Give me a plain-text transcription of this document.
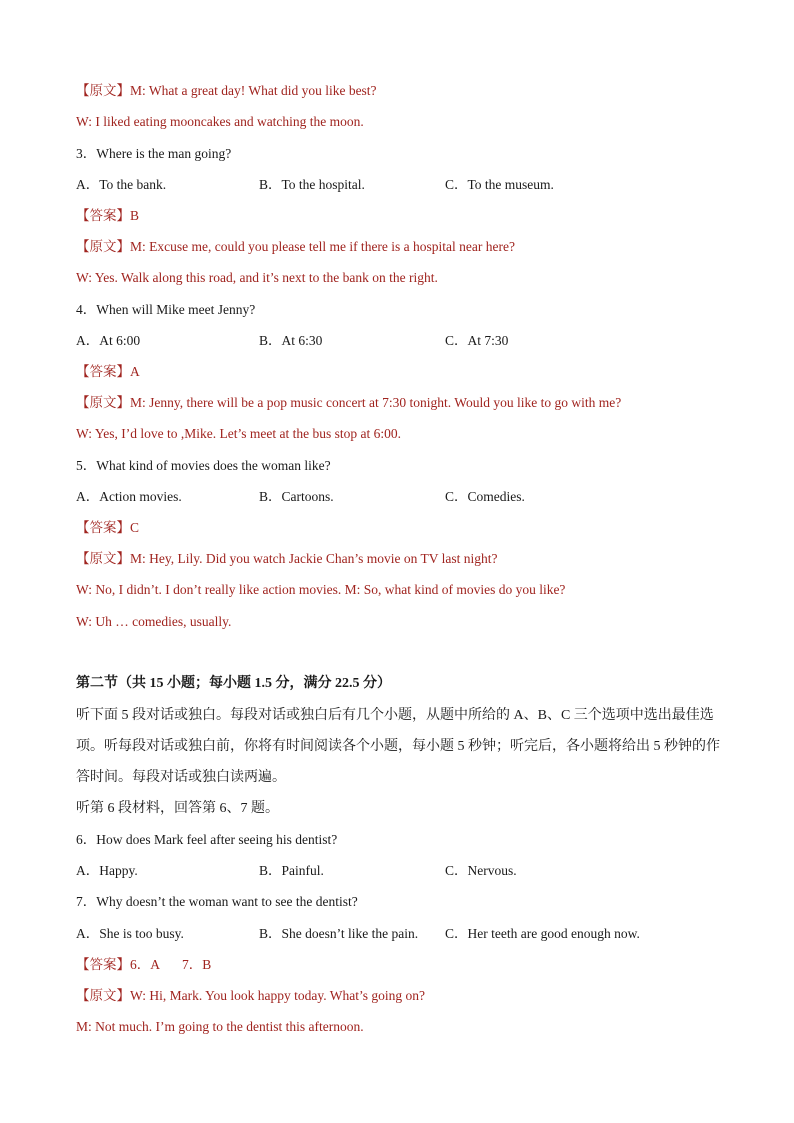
【原文】M: What a great day! What did you like best?
W: I liked eating mooncakes and watching the moon.
3．Where is the man going?
A．To the bank.	B．To the hospital.	C．To the museum.
【答案】B
【原文】M: Excuse me, could you please tell me if there is a hospital near here?
W: Yes. Walk along this road, and it’s next to the bank on the right.
4．When will Mike meet Jenny?
A．At 6:00	B．At 6:30	C．At 7:30
【答案】A
【原文】M: Jenny, there will be a pop music concert at 7:30 tonight. Would you like to go with me?
W: Yes, I’d love to ,Mike. Let’s meet at the bus stop at 6:00.
5．What kind of movies does the woman like?
A．Action movies.	B．Cartoons.	C．Comedies.
【答案】C
【原文】M: Hey, Lily. Did you watch Jackie Chan’s movie on TV last night?
W: No, I didn’t. I don’t really like action movies. M: So, what kind of movies do you like?
W: Uh … comedies, usually.
第二节（共 15 小题；每小题 1.5 分，满分 22.5 分）
听下面 5 段对话或独白。每段对话或独白后有几个小题，从题中所给的 A、B、C 三个选项中选出最佳选项。听每段对话或独白前，你将有时间阅读各个小题，每小题 5 秒钟；听完后，各小题将给出 5 秒钟的作答时间。每段对话或独白读两遍。
听第 6 段材料，回答第 6、7 题。
6．How does Mark feel after seeing his dentist?
A．Happy.	B．Painful.	C．Nervous.
7．Why doesn’t the woman want to see the dentist?
A．She is too busy.	B．She doesn’t like the pain. C．Her teeth are good enough now.
【答案】6．A 7．B
【原文】W: Hi, Mark. You look happy today. What’s going on?
M: Not much. I’m going to the dentist this afternoon.
